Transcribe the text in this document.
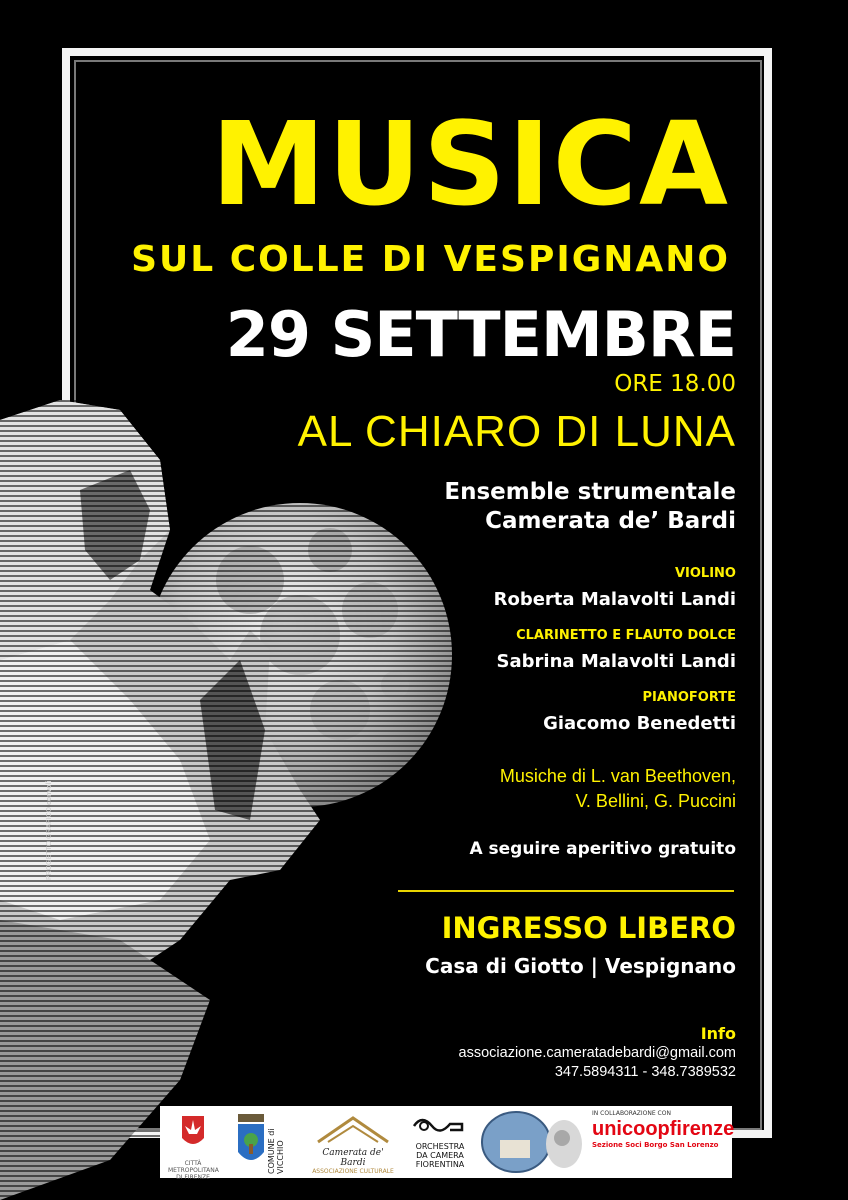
MUSICA
SUL COLLE DI VESPIGNANO
29 SETTEMBRE
ORE 18.00
AL CHIARO DI LUNA
Ensemble strumentale
Camerata de’ Bardi
VIOLINO
Roberta Malavolti Landi
CLARINETTO E FLAUTO DOLCE
Sabrina Malavolti Landi
PIANOFORTE
Giacomo Benedetti
Musiche di L. van Beethoven,
V. Bellini, G. Puccini
A seguire aperitivo gratuito
INGRESSO LIBERO
Casa di Giotto | Vespignano
Info
associazione.cameratadebardi@gmail.com
347.5894311 - 348.7389532
PROGETTO GRAFICO convoli
CITTÀ METROPOLITANA
DI FIRENZE
COMUNE di VICCHIO	Camerata de' Bardi
ASSOCIAZIONE CULTURALE
ORCHESTRA
DA CAMERA
FIORENTINA
IN COLLABORAZIONE CON
unicoopfirenze
Sezione Soci Borgo San Lorenzo
